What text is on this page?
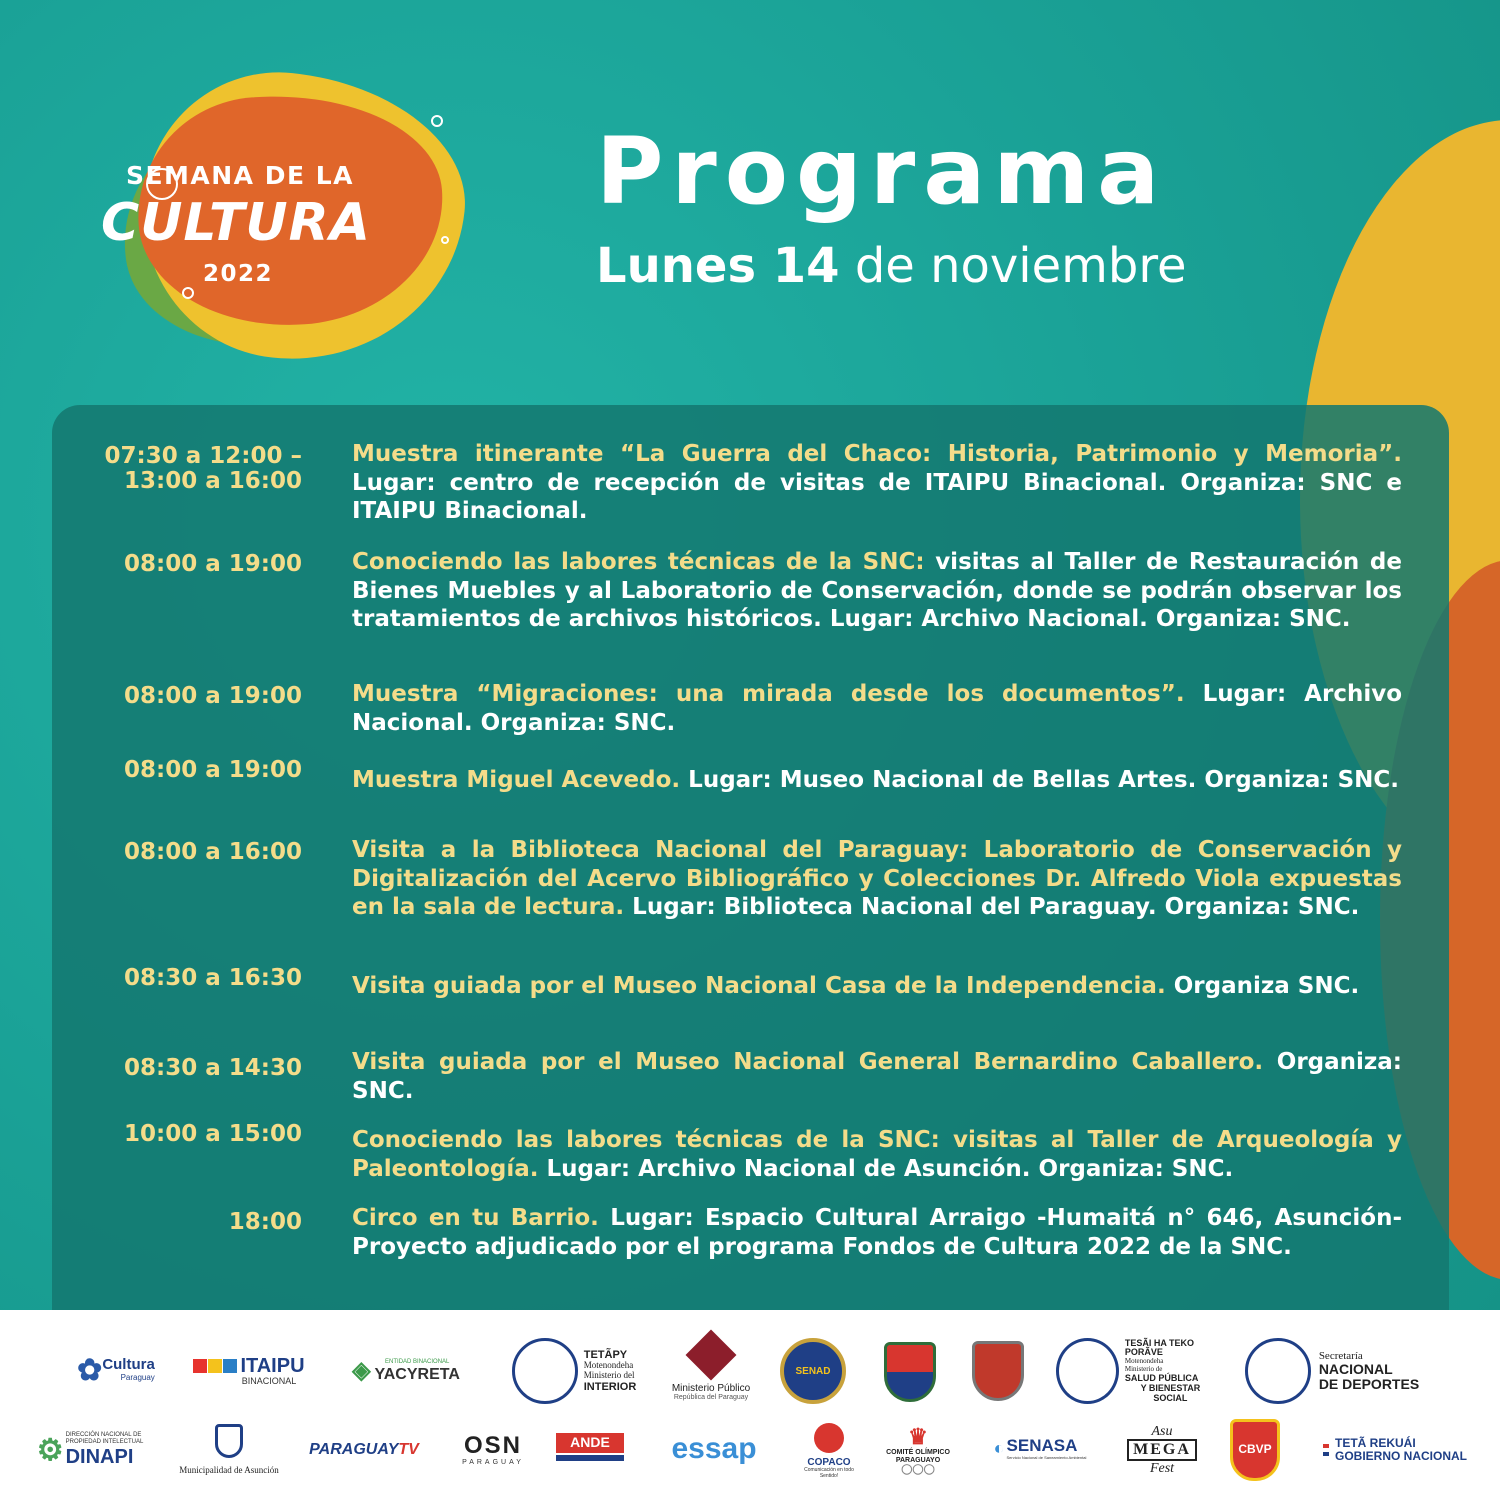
SEMANA DE LA
CULTURA
2022
Programa
Lunes 14 de noviembre
07:30 a 12:00 –
13:00 a 16:00
Muestra itinerante “La Guerra del Chaco: Historia, Patrimonio y Memoria”. Lugar: centro de recepción de visitas de ITAIPU Binacional. Organiza: SNC e ITAIPU Binacional.
08:00 a 19:00 Conociendo las labores técnicas de la SNC: visitas al Taller de Restauración de Bienes Muebles y al Laboratorio de Conservación, donde se podrán observar los tratamientos de archivos históricos. Lugar: Archivo Nacional. Organiza: SNC.
08:00 a 19:00 Muestra “Migraciones: una mirada desde los documentos”. Lugar: Archivo Nacional. Organiza: SNC.
08:00 a 19:00 Muestra Miguel Acevedo. Lugar: Museo Nacional de Bellas Artes. Organiza: SNC.
08:00 a 16:00 Visita a la Biblioteca Nacional del Paraguay: Laboratorio de Conservación y Digitalización del Acervo Bibliográfico y Colecciones Dr. Alfredo Viola expuestas en la sala de lectura. Lugar: Biblioteca Nacional del Paraguay. Organiza: SNC.
08:30 a 16:30 Visita guiada por el Museo Nacional Casa de la Independencia. Organiza SNC.
08:30 a 14:30 Visita guiada por el Museo Nacional General Bernardino Caballero. Organiza: SNC.
10:00 a 15:00 Conociendo las labores técnicas de la SNC: visitas al Taller de Arqueología y Paleontología. Lugar: Archivo Nacional de Asunción. Organiza: SNC.
18:00 Circo en tu Barrio. Lugar: Espacio Cultural Arraigo -Humaitá n° 646, Asunción- Proyecto adjudicado por el programa Fondos de Cultura 2022 de la SNC.
✿ Cultura
Paraguay
ITAIPU
BINACIONAL ◈	ENTIDAD BINACIONAL
YACYRETA
TETÃPY
Motenondeha
Ministerio del
INTERIOR	Ministerio Público
República del Paraguay
SENAD
TESÃI HA TEKO
PORÃVE
Motenondeha
Ministerio de
SALUD PÚBLICA
Y BIENESTAR SOCIAL
Secretaría
NACIONAL
DE DEPORTES
⚙ DIRECCIÓN NACIONAL DE
PROPIEDAD INTELECTUAL
DINAPI
Municipalidad de Asunción
PARAGUAY TV OSN
PARAGUAY
ANDE	essap	COPACO
Comunicación en todo Sentido!
♛
COMITÉ OLÍMPICO
PARAGUAYO
◯◯◯
◐ SENASA
Servicio Nacional de Saneamiento Ambiental
Asu
MEGA
Fest
CBVP	TETÃ REKUÁI
GOBIERNO NACIONAL
